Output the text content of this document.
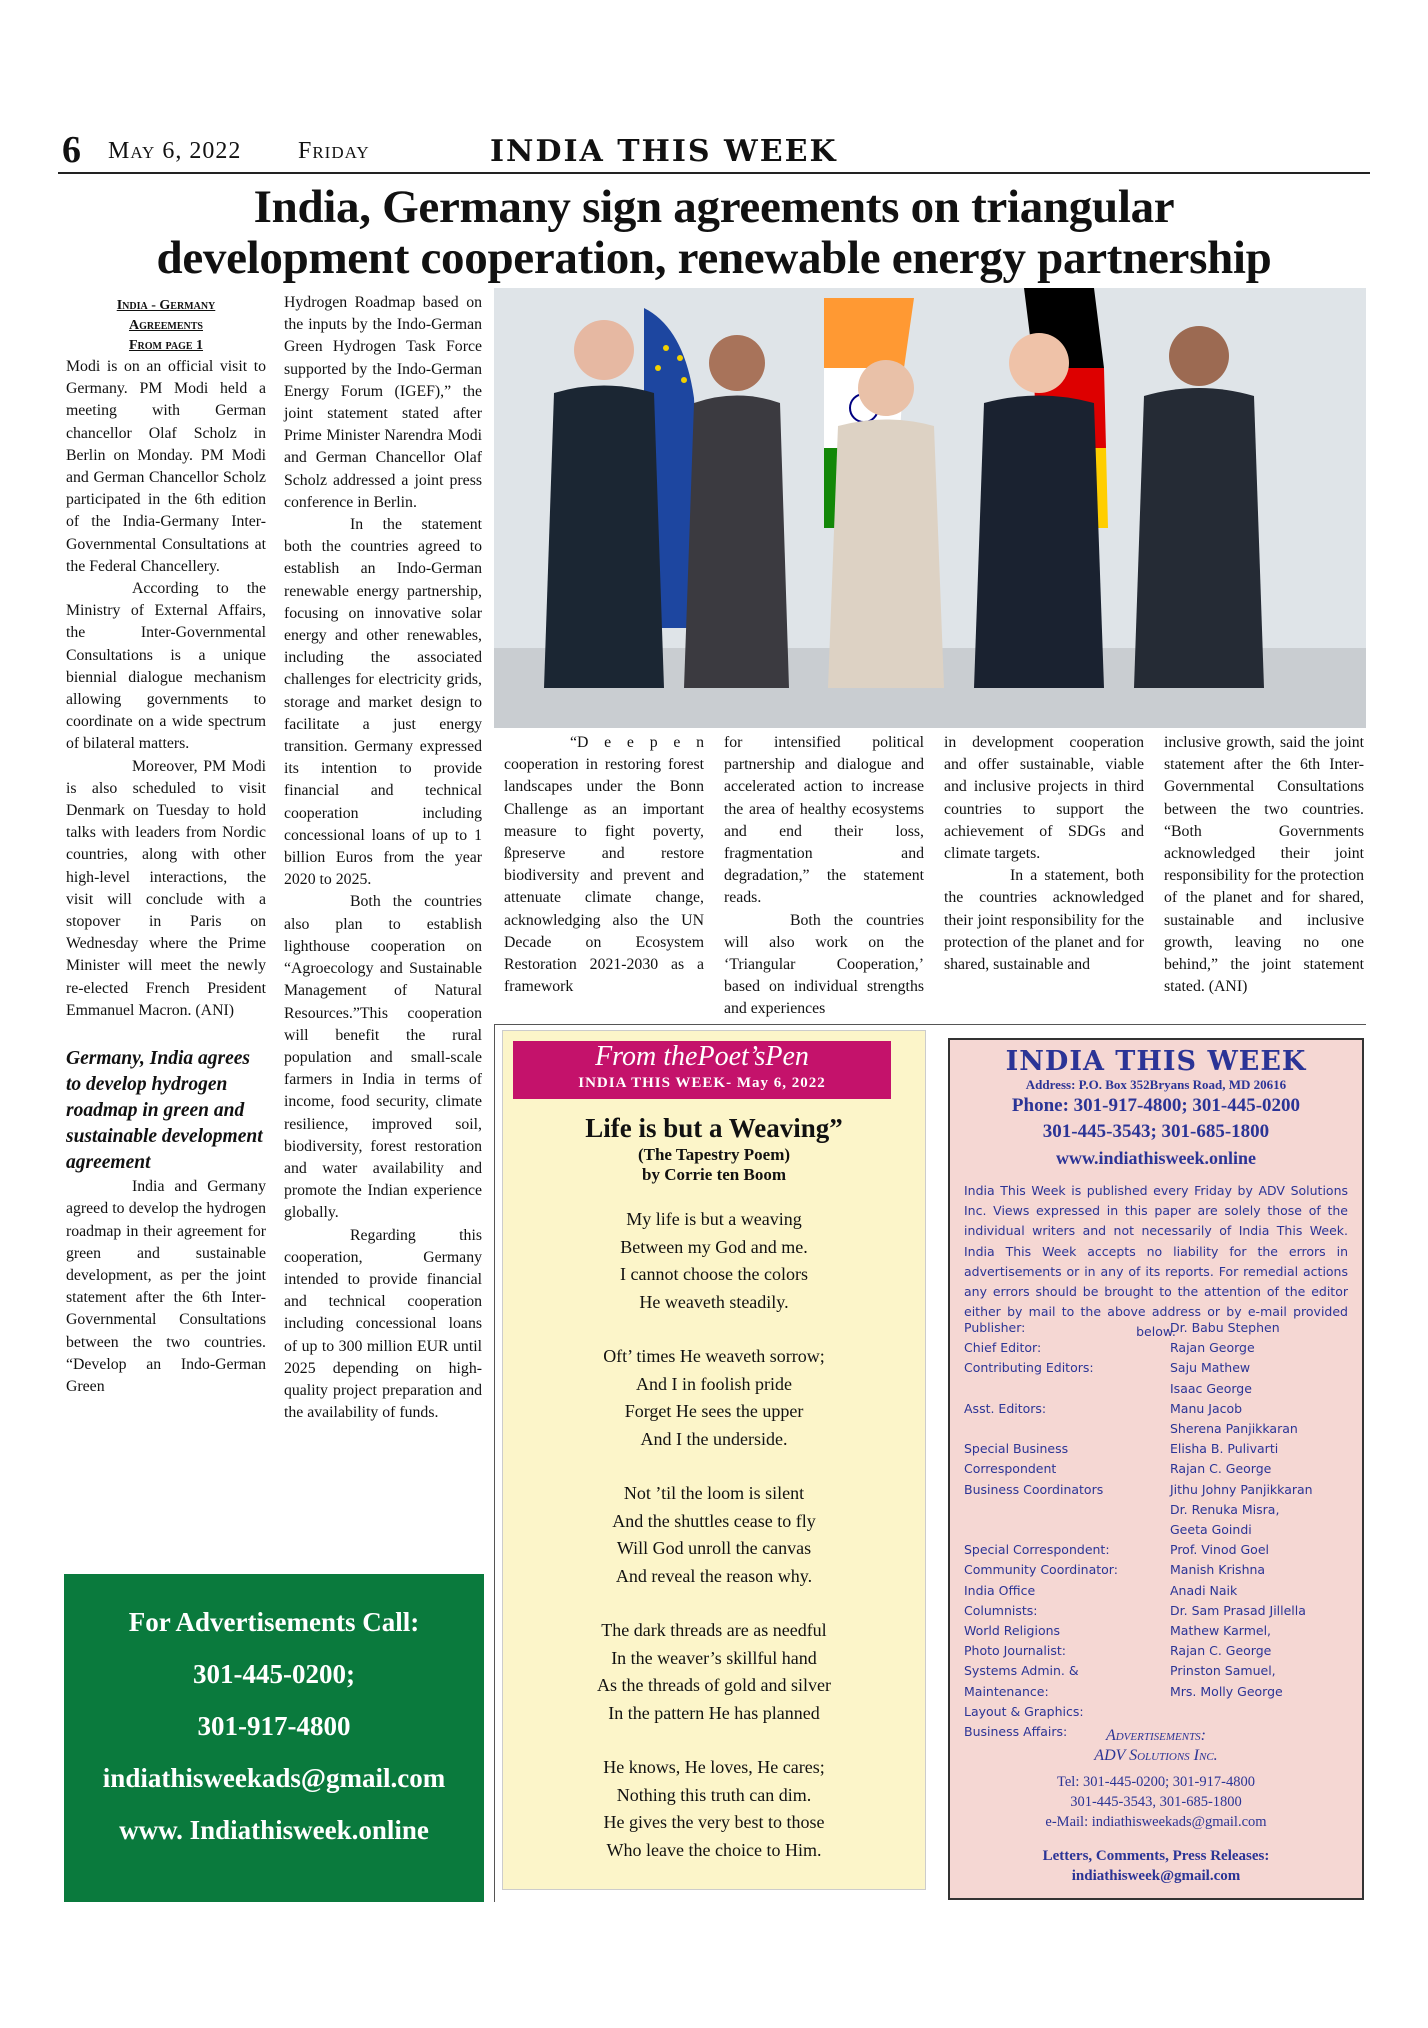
6 May 6, 2022 Friday	INDIA THIS WEEK
India, Germany sign agreements on triangular
development cooperation, renewable energy partnership
India - Germany
Agreements
From page 1

Modi is on an official visit to Germany. PM Modi held a meeting with German chancellor Olaf Scholz in Berlin on Monday. PM Modi and German Chancellor Scholz participated in the 6th edition of the India-Germany Inter-Governmental Consultations at the Federal Chancellery.

According to the Ministry of External Affairs, the Inter-Governmental Consultations is a unique biennial dialogue mechanism allowing governments to coordinate on a wide spectrum of bilateral matters.

Moreover, PM Modi is also scheduled to visit Denmark on Tuesday to hold talks with leaders from Nordic countries, along with other high-level interactions, the visit will conclude with a stopover in Paris on Wednesday where the Prime Minister will meet the newly re-elected French President Emmanuel Macron. (ANI)

Germany, India agrees to develop hydrogen roadmap in green and sustainable development agreement

India and Germany agreed to develop the hydrogen roadmap in their agreement for green and sustainable development, as per the joint statement after the 6th Inter-Governmental Consultations between the two countries. “Develop an Indo-German Green

Hydrogen Roadmap based on the inputs by the Indo-German Green Hydrogen Task Force supported by the Indo-German Energy Forum (IGEF),” the joint statement stated after Prime Minister Narendra Modi and German Chancellor Olaf Scholz addressed a joint press conference in Berlin.

In the statement both the countries agreed to establish an Indo-German renewable energy partnership, focusing on innovative solar energy and other renewables, including the associated challenges for electricity grids, storage and market design to facilitate a just energy transition. Germany expressed its intention to provide financial and technical cooperation including concessional loans of up to 1 billion Euros from the year 2020 to 2025.

Both the countries also plan to establish lighthouse cooperation on “Agroecology and Sustainable Management of Natural Resources.”This cooperation will benefit the rural population and small-scale farmers in India in terms of income, food security, climate resilience, improved soil, biodiversity, forest restoration and water availability and promote the Indian experience globally.

Regarding this cooperation, Germany intended to provide financial and technical cooperation including concessional loans of up to 300 million EUR until 2025 depending on high-quality project preparation and the availability of funds.

“D e e p e n cooperation in restoring forest landscapes under the Bonn Challenge as an important measure to fight poverty, ßpreserve and restore biodiversity and prevent and attenuate climate change, acknowledging also the UN Decade on Ecosystem Restoration 2021-2030 as a framework

for intensified political partnership and dialogue and accelerated action to increase the area of healthy ecosystems and end their loss, fragmentation and degradation,” the statement reads.

Both the countries will also work on the ‘Triangular Cooperation,’ based on individual strengths and experiences

in development cooperation and offer sustainable, viable and inclusive projects in third countries to support the achievement of SDGs and climate targets.

In a statement, both the countries acknowledged their joint responsibility for the protection of the planet and for shared, sustainable and

inclusive growth, said the joint statement after the 6th Inter-Governmental Consultations between the two countries. “Both Governments acknowledged their joint responsibility for the protection of the planet and for shared, sustainable and inclusive growth, leaving no one behind,” the joint statement stated. (ANI)

For Advertisements Call:
301-445-0200;
301-917-4800
indiathisweekads@gmail.com
www. Indiathisweek.online
From thePoet’sPen
INDIA THIS WEEK- May 6, 2022
Life is but a Weaving”
(The Tapestry Poem)
by Corrie ten Boom
My life is but a weaving
Between my God and me.
I cannot choose the colors
He weaveth steadily.
Oft’ times He weaveth sorrow;
And I in foolish pride
Forget He sees the upper
And I the underside.
Not ’til the loom is silent
And the shuttles cease to fly
Will God unroll the canvas
And reveal the reason why.
The dark threads are as needful
In the weaver’s skillful hand
As the threads of gold and silver
In the pattern He has planned
He knows, He loves, He cares;
Nothing this truth can dim.
He gives the very best to those
Who leave the choice to Him.
INDIA THIS WEEK
Address: P.O. Box 352Bryans Road, MD 20616
Phone: 301-917-4800; 301-445-0200
301-445-3543; 301-685-1800
www.indiathisweek.online
India This Week is published every Friday by ADV Solutions Inc. Views expressed in this paper are solely those of the individual writers and not necessarily of India This Week. India This Week accepts no liability for the errors in advertisements or in any of its reports. For remedial actions any errors should be brought to the attention of the editor either by mail to the above address or by e-mail provided below.
Publisher:
Chief Editor:
Contributing Editors:
Asst. Editors:
Special Business Correspondent
Business Coordinators
Special Correspondent:
Community Coordinator:
India Office
Columnists:
World Religions
Photo Journalist:
Systems Admin. & Maintenance:
Layout & Graphics:
Business Affairs:
Dr. Babu Stephen
Rajan George
Saju Mathew
Isaac George
Manu Jacob
Sherena Panjikkaran
Elisha B. Pulivarti
Rajan C. George
Jithu Johny Panjikkaran
Dr. Renuka Misra,
Geeta Goindi
Prof. Vinod Goel
Manish Krishna
Anadi Naik
Dr. Sam Prasad Jillella
Mathew Karmel,
Rajan C. George
Prinston Samuel,
Mrs. Molly George
Advertisements:
ADV Solutions Inc.
Tel: 301-445-0200; 301-917-4800
301-445-3543, 301-685-1800
e-Mail: indiathisweekads@gmail.com
Letters, Comments, Press Releases:
indiathisweek@gmail.com
